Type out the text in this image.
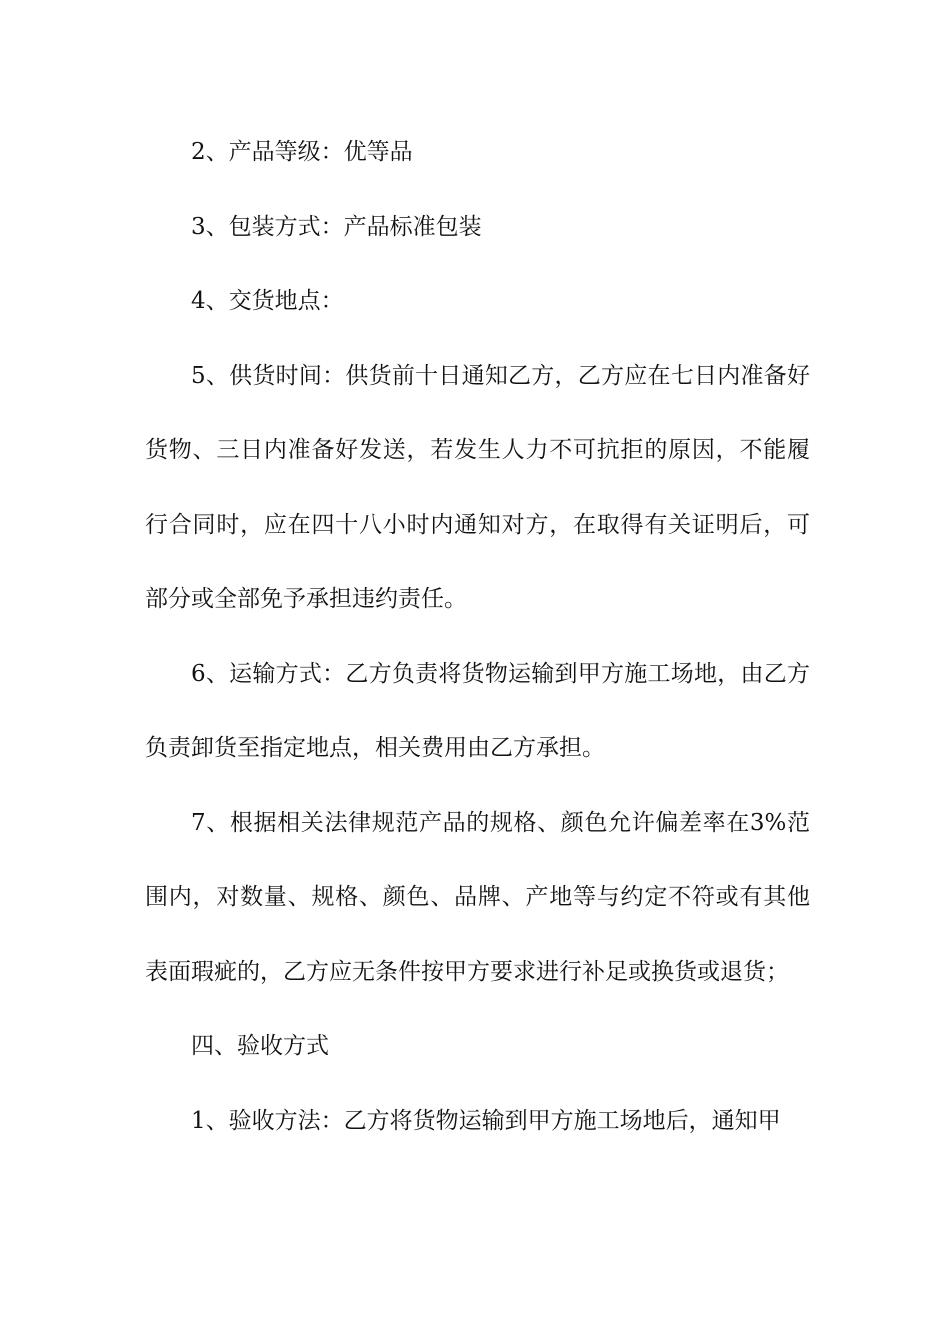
2、产品等级：优等品

3、包装方式：产品标准包装

4、交货地点：

5、供货时间：供货前十日通知乙方，乙方应在七日内准备好货物、三日内准备好发送，若发生人力不可抗拒的原因，不能履行合同时，应在四十八小时内通知对方，在取得有关证明后，可部分或全部免予承担违约责任。

6、运输方式：乙方负责将货物运输到甲方施工场地，由乙方负责卸货至指定地点，相关费用由乙方承担。

7、根据相关法律规范产品的规格、颜色允许偏差率在3%范围内，对数量、规格、颜色、品牌、产地等与约定不符或有其他表面瑕疵的，乙方应无条件按甲方要求进行补足或换货或退货；

四、验收方式

1、验收方法：乙方将货物运输到甲方施工场地后，通知甲
